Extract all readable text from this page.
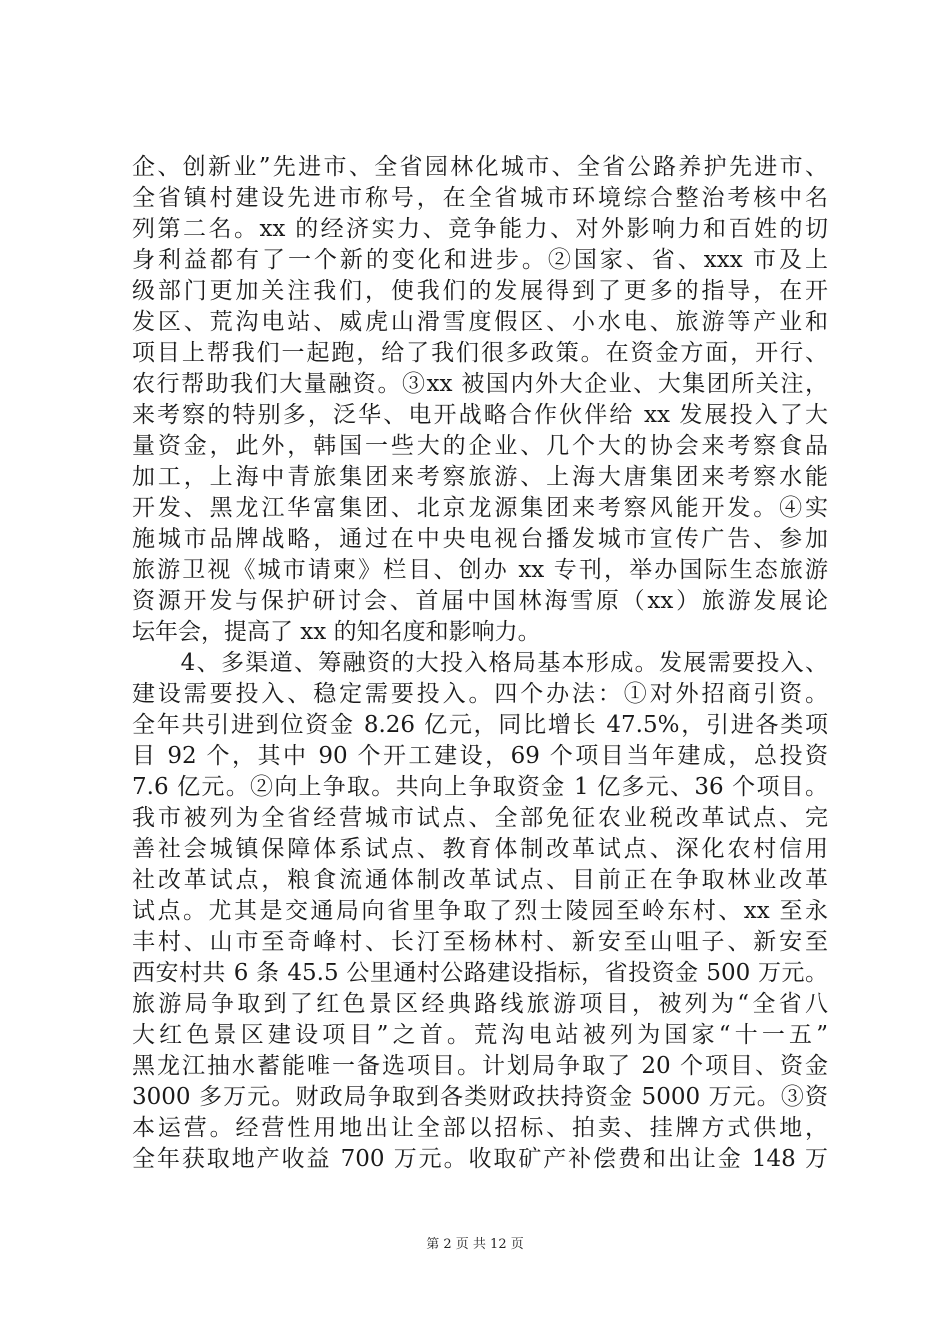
企、创新业”先进市、全省园林化城市、全省公路养护先进市、
全省镇村建设先进市称号，在全省城市环境综合整治考核中名
列第二名。xx 的经济实力、竞争能力、对外影响力和百姓的切
身利益都有了一个新的变化和进步。②国家、省、xxx 市及上
级部门更加关注我们，使我们的发展得到了更多的指导，在开
发区、荒沟电站、威虎山滑雪度假区、小水电、旅游等产业和
项目上帮我们一起跑，给了我们很多政策。在资金方面，开行、
农行帮助我们大量融资。③xx 被国内外大企业、大集团所关注，
来考察的特别多，泛华、电开战略合作伙伴给 xx 发展投入了大
量资金，此外，韩国一些大的企业、几个大的协会来考察食品
加工，上海中青旅集团来考察旅游、上海大唐集团来考察水能
开发、黑龙江华富集团、北京龙源集团来考察风能开发。④实
施城市品牌战略，通过在中央电视台播发城市宣传广告、参加
旅游卫视《城市请柬》栏目、创办 xx 专刊，举办国际生态旅游
资源开发与保护研讨会、首届中国林海雪原（xx）旅游发展论
坛年会，提高了 xx 的知名度和影响力。
　　4、多渠道、筹融资的大投入格局基本形成。发展需要投入、
建设需要投入、稳定需要投入。四个办法：①对外招商引资。
全年共引进到位资金 8.26 亿元，同比增长 47.5%，引进各类项
目 92 个，其中 90 个开工建设，69 个项目当年建成，总投资
7.6 亿元。②向上争取。共向上争取资金 1 亿多元、36 个项目。
我市被列为全省经营城市试点、全部免征农业税改革试点、完
善社会城镇保障体系试点、教育体制改革试点、深化农村信用
社改革试点，粮食流通体制改革试点、目前正在争取林业改革
试点。尤其是交通局向省里争取了烈士陵园至岭东村、xx 至永
丰村、山市至奇峰村、长汀至杨林村、新安至山咀子、新安至
西安村共 6 条 45.5 公里通村公路建设指标，省投资金 500 万元。
旅游局争取到了红色景区经典路线旅游项目，被列为“全省八
大红色景区建设项目”之首。荒沟电站被列为国家“十一五”
黑龙江抽水蓄能唯一备选项目。计划局争取了 20 个项目、资金
3000 多万元。财政局争取到各类财政扶持资金 5000 万元。③资
本运营。经营性用地出让全部以招标、拍卖、挂牌方式供地，
全年获取地产收益 700 万元。收取矿产补偿费和出让金 148 万
第 2 页 共 12 页
